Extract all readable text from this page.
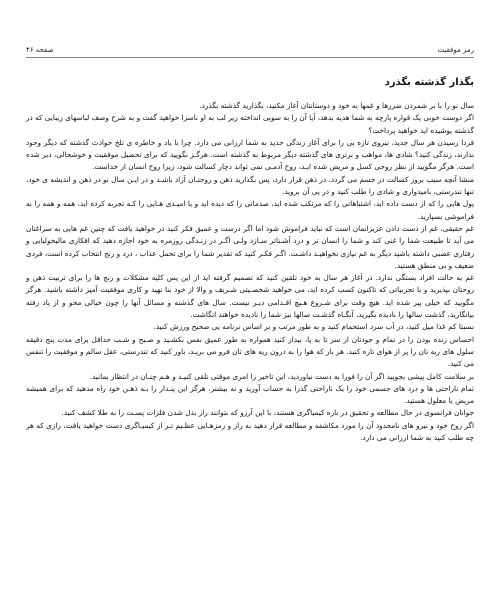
رمز موفقیت
صفحه ۴۶
بگذار گذشته بگذرد

سال نو را با بر شمردن ضررها و غمها به خود و دوستانتان آغاز مکنید، بگذارید گذشته بگذرد.

اگر دوست خوبی یک قواره پارچه به شما هدیه بدهد، آیا آن را به سویی انداخته زیر لب به او ناسزا خواهید گفت و به شرح وصف لباسهای زیبایی که در گذشته پوشیده اید خواهید پرداخت؟

فردا رسیدن هر سال جدید، نیروی تازه یی را برای آغاز زندگی جدید به شما ارزانی می دارد. چرا با یاد و خاطره ی تلخ حوادث گذشته که دیگر وجود ندارند، زندگی کنید؟ شادی ها، مواهب و برتری های گذشته دیگر مربوط به گذشته است. هرگـز نگویید که برای تحصیل موفقیت و خوشحالی، دیر شده است. هرگز مگویید از نظر روحی کسل و مریض شده ایـد، روح آدمـی نمی تواند دچار کسالت شود، زیرا روح انسان از خداست.

منشا آنچه سبب بروز کسالت در جسم می گردد، در ذهن قرار دارد، پس بگذارید ذهن و روحتـان آزاد باشـد و در ایـن سال نو در ذهن و اندیشه ی خود، تنها تندرستی، بامیدواری و شادی را طلب کنید و در پی آن بروید.

پول هایی را که از دست داده اید، اشتباهاتی را که مرتکب شده اید، صدماتی را که دیده اید و یا امیـدی هـایی را کـه تجربه کرده اید، همه و همه را به فراموشی بسپارید.

غم حقیقی، غم از دست دادن عزیزانمان است که نباید فراموش شود اما اگر درست و عمیق فکر کنید در خواهید یافت که چنین غم هایی به سراغتان می آید تا طبیعت شما را غنی کند و شما را انسان تر و درد آشـناتر سـازد ولـی اگـر در زنـدگی روزمره به خود اجازه دهید که افکاری مالیخولیایی و رفتاری عصبی داشته باشید دیگر به غم نیازی نخواهیـد داشـت. اگـر فکـر کنید که تقدیر شما را برای تحمل عذاب ، درد و رنج انتخاب کرده است، فردی ضعیف و بی منطق هستید.

غم به حالت افراد بستگی ندارد. در آغاز هر سال به خود تلقین کنید که تصمیم گرفته اید از این پس کلیه مشکلات و رنج ها را برای تربیت ذهن و روحتان بپذیرید و با تجربیاتی که تاکنون کسب کرده اید، می خواهید شخصـیتی شـریف و والا از خود بنا نهید و کاری موفقیت آمیز داشته باشید. هرگز مگویید که خیلی پیر شده اید. هیچ وقت برای شـروع هـیچ اقـدامی دیـر نیست. سال های گذشته و مسائل آنها را چون خیالی محو و از یاد رفته بیانگارید، گذشت سالها را نادیده بگیرید، آنگـاه گذشـت سالها نیز شما را نادیده خواهند انگاشت.

نسبتا کم غذا میل کنید، در آب سرد استحمام کنید و به طور مرتب و بر اساس برنامه یی صحیح ورزش کنید.

احساس زنده بودن را در تمام و جودتان از سر تا به پا، بیدار کنید همواره به طور عمیق نفس بکشـید و صـبح و شـب حداقل برای مدت پنج دقیقه سلول های ریه تان را پر از هوای تازه کنید. هر بار که هوا را به درون ریه های تان فرو می بریـد، باور کنید که تندرستی، عقل سالم و موفقیت را تنفس می کنید.

بر سلامت کامل پیشی بجویید اگر آن را فورا به دست نیاوردید، این تاخیر را امری موقتی تلقی کنیـد و هـم چنـان در انتظار بمانید.

تمام ناراحتی ها و درد های جسمی خود را یک ناراحتی گذرا به حساب آورید و نه بیشتر. هرگز این پنـدار را بـه ذهـن خود راه مدهید که برای همیشه مریض یا معلول هستید.

جوانان فرانسوی در حال مطالعه و تحقیق در باره کیمیاگری هستند، با این آرزو که بتوانند راز بدل شدن فلزات پسـت را به طلا کشف کنید.

اگر روح خود و نیرو های نامحدود آن را مورد مکاشفه و مطالعه قرار دهید به راز و رمزهـایی عظـیم تـر از کیمیـاگری دست خواهید یافت، رازی که هر چه طلب کنید به شما ارزانی می دارد.
